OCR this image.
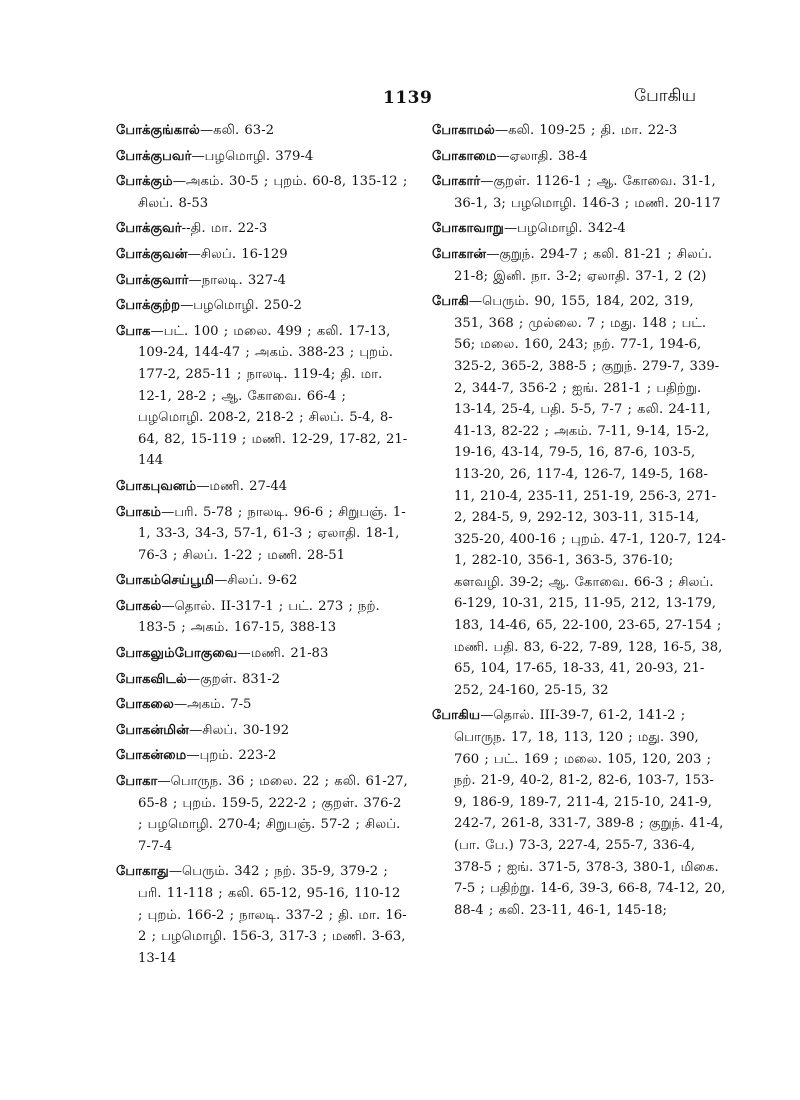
1139	போகிய
போக்குங்கால்—கலி. 63-2
போக்குபவர்—பழமொழி. 379-4
போக்கும்—அகம். 30-5 ; புறம். 60-8, 135-12 ; சிலப். 8-53
போக்குவர்--தி. மா. 22-3
போக்குவன்—சிலப். 16-129
போக்குவார்—நாலடி. 327-4
போக்குற்ற—பழமொழி. 250-2
போக—பட். 100 ; மலை. 499 ; கலி. 17-13, 109-24, 144-47 ; அகம். 388-23 ; புறம். 177-2, 285-11 ; நாலடி. 119-4; தி. மா. 12-1, 28-2 ; ஆ. கோவை. 66-4 ; பழமொழி. 208-2, 218-2 ; சிலப். 5-4, 8-64, 82, 15-119 ; மணி. 12-29, 17-82, 21-144
போகபுவனம்—மணி. 27-44
போகம்—பரி. 5-78 ; நாலடி. 96-6 ; சிறுபஞ். 1-1, 33-3, 34-3, 57-1, 61-3 ; ஏலாதி. 18-1, 76-3 ; சிலப். 1-22 ; மணி. 28-51
போகம்செய்பூமி—சிலப். 9-62
போகல்—தொல். II-317-1 ; பட். 273 ; நற். 183-5 ; அகம். 167-15, 388-13
போகலும்போகுவை—மணி. 21-83
போகவிடல்—குறள். 831-2
போகலை—அகம். 7-5
போகன்மின்—சிலப். 30-192
போகன்மை—புறம். 223-2
போகா—பொருந. 36 ; மலை. 22 ; கலி. 61-27, 65-8 ; புறம். 159-5, 222-2 ; குறள். 376-2 ; பழமொழி. 270-4; சிறுபஞ். 57-2 ; சிலப். 7-7-4
போகாது—பெரும். 342 ; நற். 35-9, 379-2 ; பரி. 11-118 ; கலி. 65-12, 95-16, 110-12 ; புறம். 166-2 ; நாலடி. 337-2 ; தி. மா. 16-2 ; பழமொழி. 156-3, 317-3 ; மணி. 3-63, 13-14
போகாமல்—கலி. 109-25 ; தி. மா. 22-3
போகாமை—ஏலாதி. 38-4
போகார்—குறள். 1126-1 ; ஆ. கோவை. 31-1, 36-1, 3; பழமொழி. 146-3 ; மணி. 20-117
போகாவாறு—பழமொழி. 342-4
போகான்—குறுந். 294-7 ; கலி. 81-21 ; சிலப். 21-8; இனி. நா. 3-2; ஏலாதி. 37-1, 2 (2)
போகி—பெரும். 90, 155, 184, 202, 319, 351, 368 ; முல்லை. 7 ; மது. 148 ; பட். 56; மலை. 160, 243; நற். 77-1, 194-6, 325-2, 365-2, 388-5 ; குறுந். 279-7, 339-2, 344-7, 356-2 ; ஐங். 281-1 ; பதிற்று. 13-14, 25-4, பதி. 5-5, 7-7 ; கலி. 24-11, 41-13, 82-22 ; அகம். 7-11, 9-14, 15-2, 19-16, 43-14, 79-5, 16, 87-6, 103-5, 113-20, 26, 117-4, 126-7, 149-5, 168-11, 210-4, 235-11, 251-19, 256-3, 271-2, 284-5, 9, 292-12, 303-11, 315-14, 325-20, 400-16 ; புறம். 47-1, 120-7, 124-1, 282-10, 356-1, 363-5, 376-10; களவழி. 39-2; ஆ. கோவை. 66-3 ; சிலப். 6-129, 10-31, 215, 11-95, 212, 13-179, 183, 14-46, 65, 22-100, 23-65, 27-154 ; மணி. பதி. 83, 6-22, 7-89, 128, 16-5, 38, 65, 104, 17-65, 18-33, 41, 20-93, 21-252, 24-160, 25-15, 32
போகிய—தொல். III-39-7, 61-2, 141-2 ; பொருந. 17, 18, 113, 120 ; மது. 390, 760 ; பட். 169 ; மலை. 105, 120, 203 ; நற். 21-9, 40-2, 81-2, 82-6, 103-7, 153-9, 186-9, 189-7, 211-4, 215-10, 241-9, 242-7, 261-8, 331-7, 389-8 ; குறுந். 41-4, (பா. பே.) 73-3, 227-4, 255-7, 336-4, 378-5 ; ஐங். 371-5, 378-3, 380-1, மிகை. 7-5 ; பதிற்று. 14-6, 39-3, 66-8, 74-12, 20, 88-4 ; கலி. 23-11, 46-1, 145-18;
